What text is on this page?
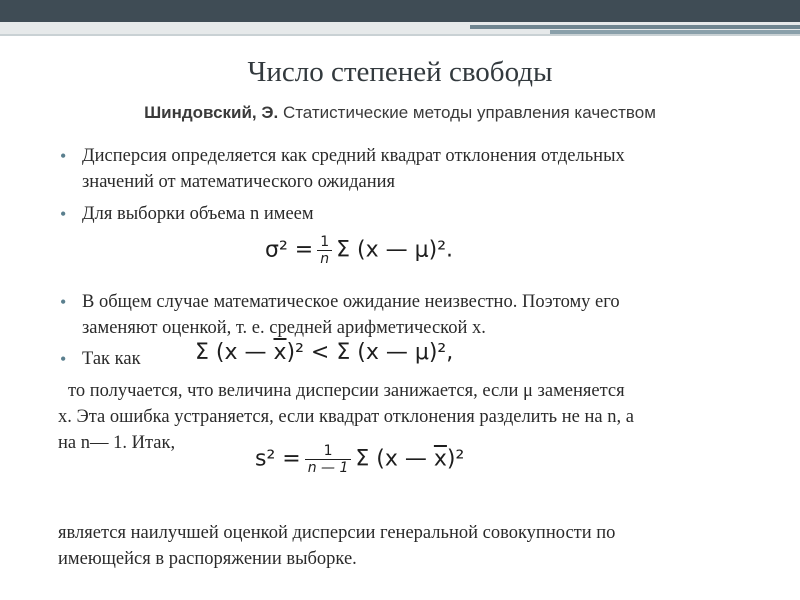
Число степеней свободы
Шиндовский, Э. Статистические методы управления качеством
• Дисперсия определяется как средний квадрат отклонения отдельных
значений от математического ожидания
• Для выборки объема n имеем
$\sigma^2 = \frac{1}{n}$ Σ (x — μ)².
• В общем случае математическое ожидание неизвестно. Поэтому его
заменяют оценкой, т. е. средней арифметической x.
• Так как	Σ (x — $\overline{x})^2 < \Sigma$ (x — μ)²,
то получается, что величина дисперсии занижается, если μ заменяется
x. Эта ошибка устраняется, если квадрат отклонения разделить не на n, а
на n— 1. Итак,
$s^2 = \frac{1}{n — 1}$ Σ (x — $\overline{x})^2$
является наилучшей оценкой дисперсии генеральной совокупности по
имеющейся в распоряжении выборке.
